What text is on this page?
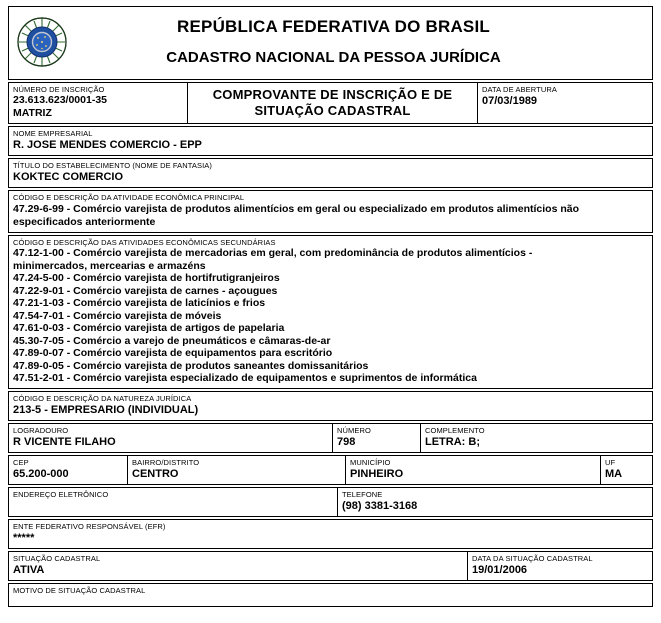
REPÚBLICA FEDERATIVA DO BRASIL
CADASTRO NACIONAL DA PESSOA JURÍDICA
NÚMERO DE INSCRIÇÃO
23.613.623/0001-35
MATRIZ
COMPROVANTE DE INSCRIÇÃO E DE SITUAÇÃO CADASTRAL
DATA DE ABERTURA
07/03/1989
NOME EMPRESARIAL
R. JOSE MENDES COMERCIO - EPP
TÍTULO DO ESTABELECIMENTO (NOME DE FANTASIA)
KOKTEC COMERCIO
CÓDIGO E DESCRIÇÃO DA ATIVIDADE ECONÔMICA PRINCIPAL
47.29-6-99 - Comércio varejista de produtos alimentícios em geral ou especializado em produtos alimentícios não especificados anteriormente
CÓDIGO E DESCRIÇÃO DAS ATIVIDADES ECONÔMICAS SECUNDÁRIAS
47.12-1-00 - Comércio varejista de mercadorias em geral, com predominância de produtos alimentícios -
minimercados, mercearias e armazéns
47.24-5-00 - Comércio varejista de hortifrutigranjeiros
47.22-9-01 - Comércio varejista de carnes - açougues
47.21-1-03 - Comércio varejista de laticínios e frios
47.54-7-01 - Comércio varejista de móveis
47.61-0-03 - Comércio varejista de artigos de papelaria
45.30-7-05 - Comércio a varejo de pneumáticos e câmaras-de-ar
47.89-0-07 - Comércio varejista de equipamentos para escritório
47.89-0-05 - Comércio varejista de produtos saneantes domissanitários
47.51-2-01 - Comércio varejista especializado de equipamentos e suprimentos de informática
CÓDIGO E DESCRIÇÃO DA NATUREZA JURÍDICA
213-5 - EMPRESARIO (INDIVIDUAL)
LOGRADOURO
R VICENTE FILAHO
NÚMERO
798
COMPLEMENTO
LETRA: B;
CEP
65.200-000
BAIRRO/DISTRITO
CENTRO
MUNICÍPIO
PINHEIRO
UF
MA
ENDEREÇO ELETRÔNICO	TELEFONE
(98) 3381-3168
ENTE FEDERATIVO RESPONSÁVEL (EFR)
*****
SITUAÇÃO CADASTRAL
ATIVA
DATA DA SITUAÇÃO CADASTRAL
19/01/2006
MOTIVO DE SITUAÇÃO CADASTRAL
